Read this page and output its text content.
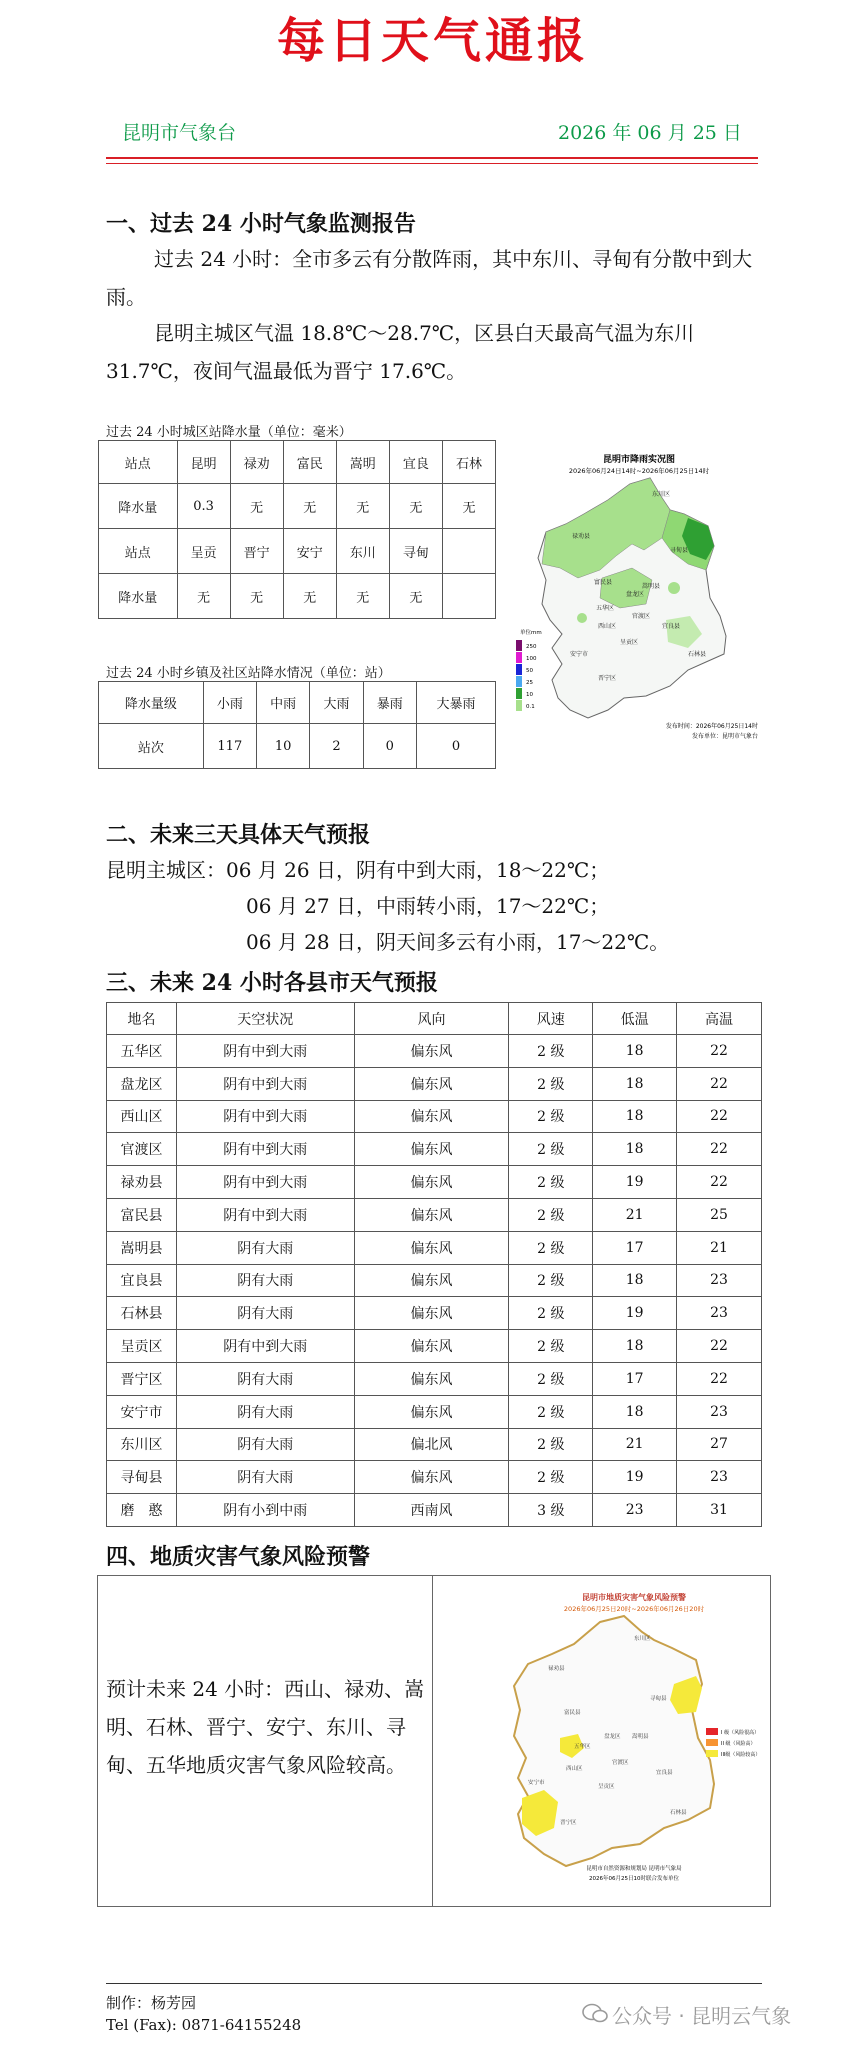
每日天气通报
昆明市气象台	2026 年 06 月 25 日
一、过去 24 小时气象监测报告
过去 24 小时：全市多云有分散阵雨，其中东川、寻甸有分散中到大雨。
昆明主城区气温 18.8℃～28.7℃，区县白天最高气温为东川 31.7℃，夜间气温最低为晋宁 17.6℃。
过去 24 小时城区站降水量（单位：毫米）
站点	昆明	禄劝	富民	嵩明	宜良	石林
降水量	0.3	无	无	无	无	无
站点	呈贡	晋宁	安宁	东川	寻甸	
降水量	无	无	无	无	无	
过去 24 小时乡镇及社区站降水情况（单位：站）
降水量级	小雨	中雨	大雨	暴雨	大暴雨
站次	117	10	2	0	0
昆明市降雨实况图
2026年06月24日14时~2026年06月25日14时
东川区
禄劝县
寻甸县
嵩明县
富民县
盘龙区
五华区
官渡区
西山区	宜良县
呈贡区
石林县
安宁市
晋宁区
单位mm
250
100
50
25
10
0.1
发布时间：2026年06月25日14时
发布单位：昆明市气象台
二、未来三天具体天气预报
昆明主城区：06 月 26 日，阴有中到大雨，18～22℃；
06 月 27 日，中雨转小雨，17～22℃；
06 月 28 日，阴天间多云有小雨，17～22℃。
三、未来 24 小时各县市天气预报
地名	天空状况	风向	风速	低温	高温
五华区	阴有中到大雨	偏东风	2 级	18	22
盘龙区	阴有中到大雨	偏东风	2 级	18	22
西山区	阴有中到大雨	偏东风	2 级	18	22
官渡区	阴有中到大雨	偏东风	2 级	18	22
禄劝县	阴有中到大雨	偏东风	2 级	19	22
富民县	阴有中到大雨	偏东风	2 级	21	25
嵩明县	阴有大雨	偏东风	2 级	17	21
宜良县	阴有大雨	偏东风	2 级	18	23
石林县	阴有大雨	偏东风	2 级	19	23
呈贡区	阴有中到大雨	偏东风	2 级	18	22
晋宁区	阴有大雨	偏东风	2 级	17	22
安宁市	阴有大雨	偏东风	2 级	18	23
东川区	阴有大雨	偏北风	2 级	21	27
寻甸县	阴有大雨	偏东风	2 级	19	23
磨　憨	阴有小到中雨	西南风	3 级	23	31
四、地质灾害气象风险预警
预计未来 24 小时：西山、禄劝、嵩明、石林、晋宁、安宁、东川、寻甸、五华地质灾害气象风险较高。
昆明市地质灾害气象风险预警
2026年06月25日20时~2026年06月26日20时
东川区
禄劝县
寻甸县
嵩明县
富民县
盘龙区
五华区
官渡区
西山区
宜良县
呈贡区
石林县
安宁市
晋宁区
I 级（风险很高）
II 级（风险高）
III级（风险较高）
昆明市自然资源和规划局 昆明市气象局
2026年06月25日10时联合发布单位
制作：杨芳园
Tel (Fax): 0871-64155248	公众号 · 昆明云气象
